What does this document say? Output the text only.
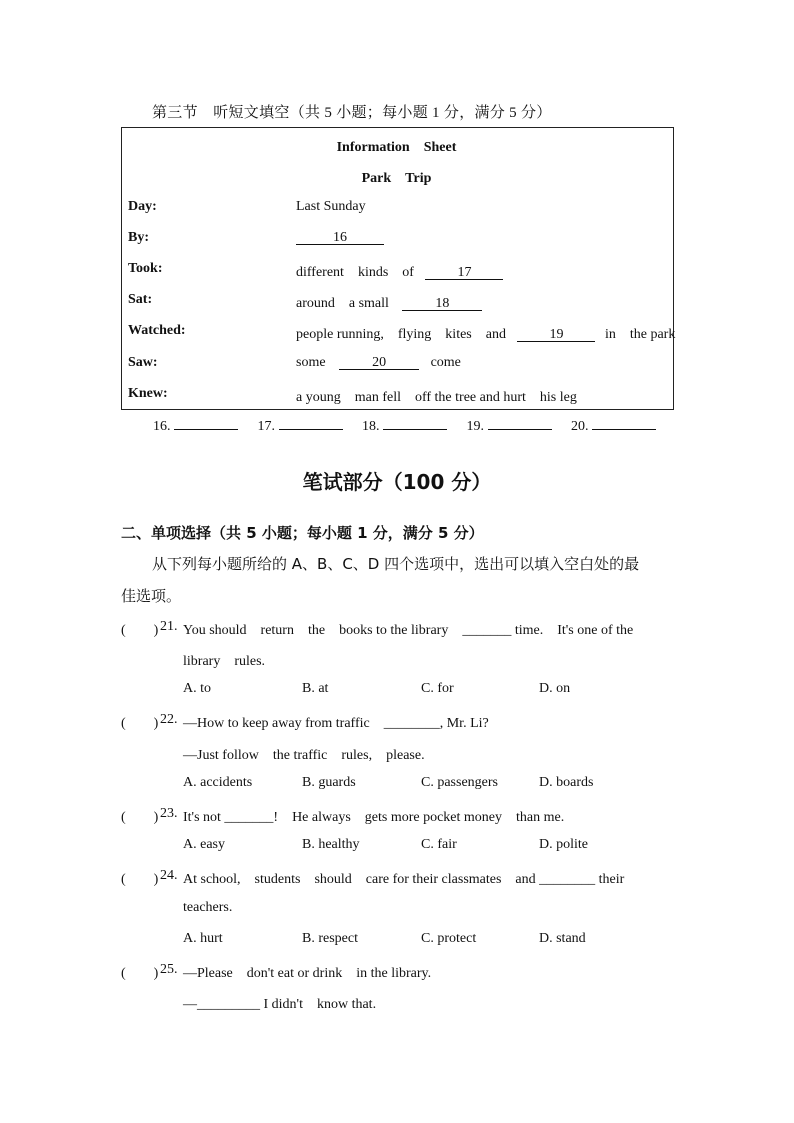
第三节　听短文填空（共 5 小题；每小题 1 分，满分 5 分）
Information　Sheet
Park　Trip
Day:	Last Sunday
By:	16
Took:	different　kinds　of	17
Sat:	around　a small	18
Watched:	people running,　flying　kites　and	19	in　the park
Saw:	some	20	come
Knew:	a young　man fell　off the tree and hurt　his leg
16.	17.	18.	19.	20.
笔试部分（100 分）
二、单项选择（共 5 小题；每小题 1 分，满分 5 分）
从下列每小题所给的 A、B、C、D 四个选项中，选出可以填入空白处的最
佳选项。
(　　) 21. You should　return　the　books to the library　_______ time.　It's one of the
library　rules.
A. to	B. at	C. for	D. on
(　　) 22. —How to keep away from traffic　________, Mr. Li?
—Just follow　the traffic　rules,　please.
A. accidents	B. guards	C. passengers	D. boards
(　　) 23. It's not _______!　He always　gets more pocket money　than me.
A. easy	B. healthy	C. fair	D. polite
(　　) 24. At school,　students　should　care for their classmates　and ________ their
teachers.
A. hurt	B. respect	C. protect	D. stand
(　　) 25. —Please　don't eat or drink　in the library.
—_________ I didn't　know that.
